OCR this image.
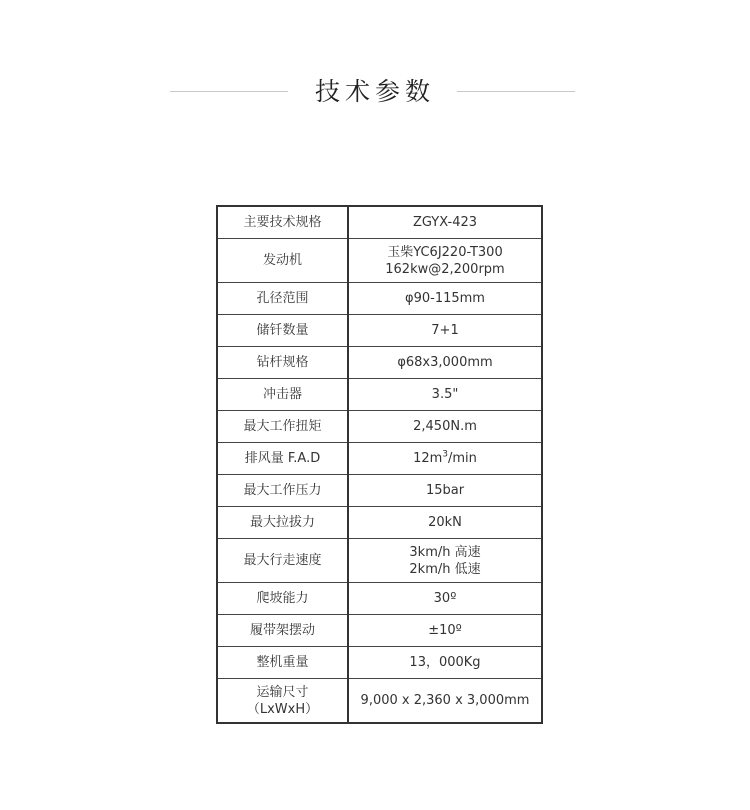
技术参数
主要技术规格	ZGYX-423
发动机	玉柴YC6J220-T300
162kw@2,200rpm

孔径范围	φ90-115mm
储钎数量	7+1
钻杆规格	φ68x3,000mm
冲击器	3.5"
最大工作扭矩	2,450N.m
排风量 F.A.D	$12m^3/\min$
最大工作压力	15bar
最大拉拔力	20kN
最大行走速度	3km/h 高速
2km/h 低速

爬坡能力	30º
履带架摆动	±10º
整机重量	13，000Kg

运输尺寸
（LxWxH）	9,000 x 2,360 x 3,000mm
